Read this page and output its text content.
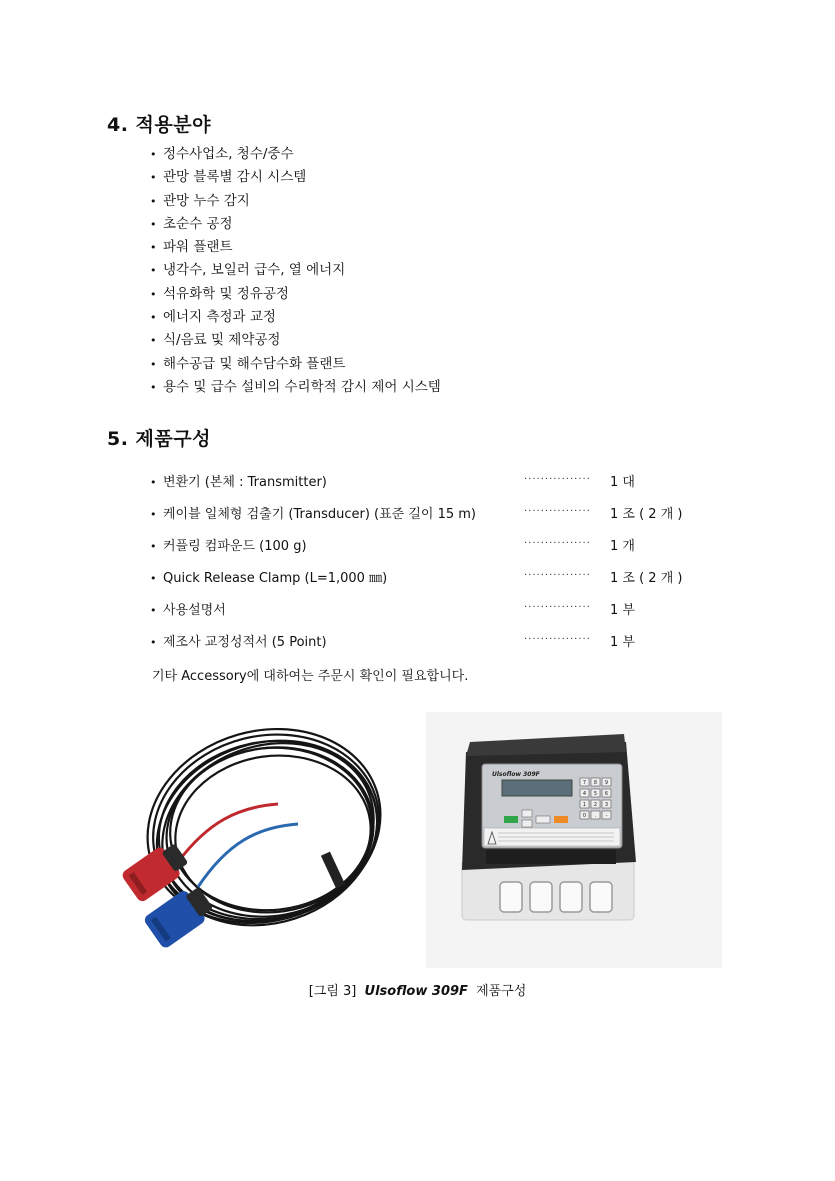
4. 적용분야
• 정수사업소, 청수/중수
• 관망 블록별 감시 시스템
• 관망 누수 감지
• 초순수 공정
• 파워 플랜트
• 냉각수, 보일러 급수, 열 에너지
• 석유화학 및 정유공정
• 에너지 측정과 교정
• 식/음료 및 제약공정
• 해수공급 및 해수담수화 플랜트
• 용수 및 급수 설비의 수리학적 감시 제어 시스템
5. 제품구성
• 변환기 (본체 : Transmitter)	················ 1 대
• 케이블 일체형 검출기 (Transducer) (표준 길이 15 m)	················ 1 조 ( 2 개 )
• 커플링 컴파운드 (100 g)	················ 1 개
• Quick Release Clamp (L=1,000 ㎜)	················ 1 조 ( 2 개 )
• 사용설명서	················ 1 부
• 제조사 교정성적서 (5 Point)	················ 1 부
기타 Accessory에 대하여는 주문시 확인이 필요합니다.
Ulsoflow 309F
7 8 9
4 5 6
1 2 3
0 . -
[그림 3] Ulsoflow 309F 제품구성
